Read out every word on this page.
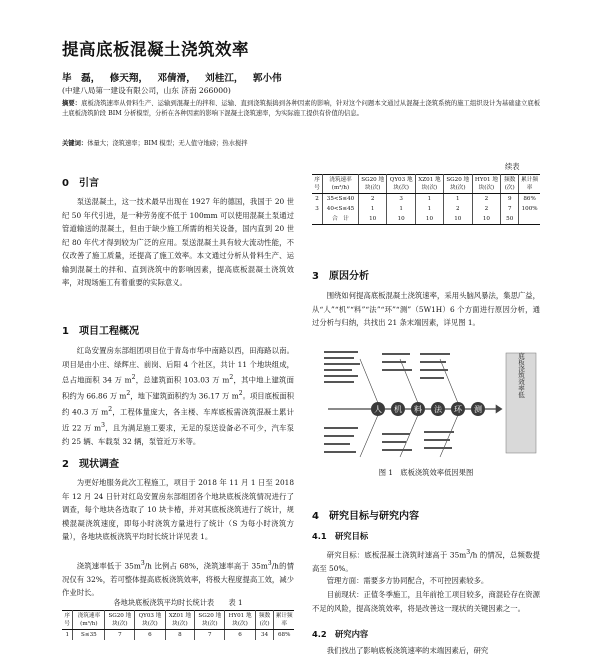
提高底板混凝土浇筑效率
毕　磊， 修天翔， 邓倩滑， 刘桂江， 郭小伟
(中建八局第一建设有限公司，山东 济南 266000)
摘要：底板浇筑速率从骨料生产、运输到混凝土的拌和、运输、直到浇筑振捣到各种因素的影响，针对这个问题本文通过从混凝土浇筑系统的施工组织设计为基础建立底板土底板浇筑阶段 BIM 分析模型，分析在各种因素的影响下混凝土浇筑速率，为实际施工提供有价值的信息。
关键词：体量大；浇筑速率；BIM 模型；无人值守地磅；热水搅拌
0　引言

泵送混凝土，这一技术最早出现在 1927 年的德国，我国于 20 世纪 50 年代引进，是一种劳务度不低于 100mm 可以使用混凝土泵通过管道输送的混凝土，但由于缺少施工所需的相关设备，国内直到 20 世纪 80 年代才得到较为广泛的应用。泵送混凝土具有较大流动性能，不仅改善了施工质量，还提高了施工效率。本文通过分析从骨料生产、运输到混凝土的拌和、直到浇筑中的影响因素，提高底板混凝土浇筑效率，对现场施工有着重要的实际意义。

1　项目工程概况

红岛安置房东部组团项目位于青岛市华中南路以西，田海路以南。项目是由小庄、绿辉庄、前岗、后阳 4 个社区，共计 11 个地块组成，总占地面积 34 万 $m^2$，总建筑面积 103.03 万 $m^2$，其中地上建筑面积约为 66.86 万 $m^2$，地下建筑面积约为 36.17 万 $m^2$。项目底板面积约 40.3 万 $m^2$，工程体量庞大，各主楼、车库底板需浇筑混凝土累计近 22 万 $m^3$，且为满足施工要求，无足的泵送设备必不可少，汽车泵约 25 辆、车载泵 32 辆，泵管近万米等。

2　现状调查

为更好地服务此次工程施工，项目于 2018 年 11 月 1 日至 2018 年 12 月 24 日针对红岛安置房东部组团各个地块底板浇筑情况进行了调查，每个地块各选取了 10 块卡椿，并对其底板浇筑进行了统计，规模混凝浇筑速度，即每小时浇筑方量进行了统计（S 为每小时浇筑方量），各地块底板浇筑平均时长统计详见表 1。

浇筑速率低于 $35m^3/h$ 比例占 68%，浇筑速率高于 $35m^3/h$的情况仅有 32%，若可整体提高底板浇筑效率，将极大程度提高工效，减少作业时长。

各地块底板浇筑平均时长统计表　　表 1
序号	浇筑速率(m³/h)	SG20 地块(次)	QY03 地块(次)	XZ01 地块(次)	SG20 地块(次)	HY01 地块(次)	频数(次)	累计频率
1	S≤35	7	6	8	7	6	34	68%
续表
序号	浇筑速率(m³/h)	SG20 地块(次)	QY03 地块(次)	XZ01 地块(次)	SG20 地块(次)	HY01 地块(次)	频数(次)	累计频率
2	35<S≤40	2	3	1	1	2	9	86%
3	40<S≤45	1	1	1	2	2	7	100%
	合　计	10	10	10	10	10	50	
3　原因分析

围绕如何提高底板混凝土浇筑速率，采用头脑风暴法，集思广益，从“人”“机”“料”“法”“环”“测”（5W1H）6 个方面进行原因分析，通过分析与归纳，共找出 21 条末端因素，详见图 1。

人 机 料 法 环 测
底板浇筑效率低
图 1　底板浇筑效率低因果图
4　研究目标与研究内容
4.1　研究目标

研究目标：底板混凝土浇筑时速高于 $35m^3/h$ 的情况，总频数提高至 50%。

管理方面：需要多方协同配合，不可控因素较多。

目前现状：正值冬季施工，且年前抢工项目较多，商混砼存在资源不足的风险，提高浇筑效率，将是改善这一现状的关键因素之一。

4.2　研究内容

我们找出了影响底板浇筑速率的末端因素后，研究
